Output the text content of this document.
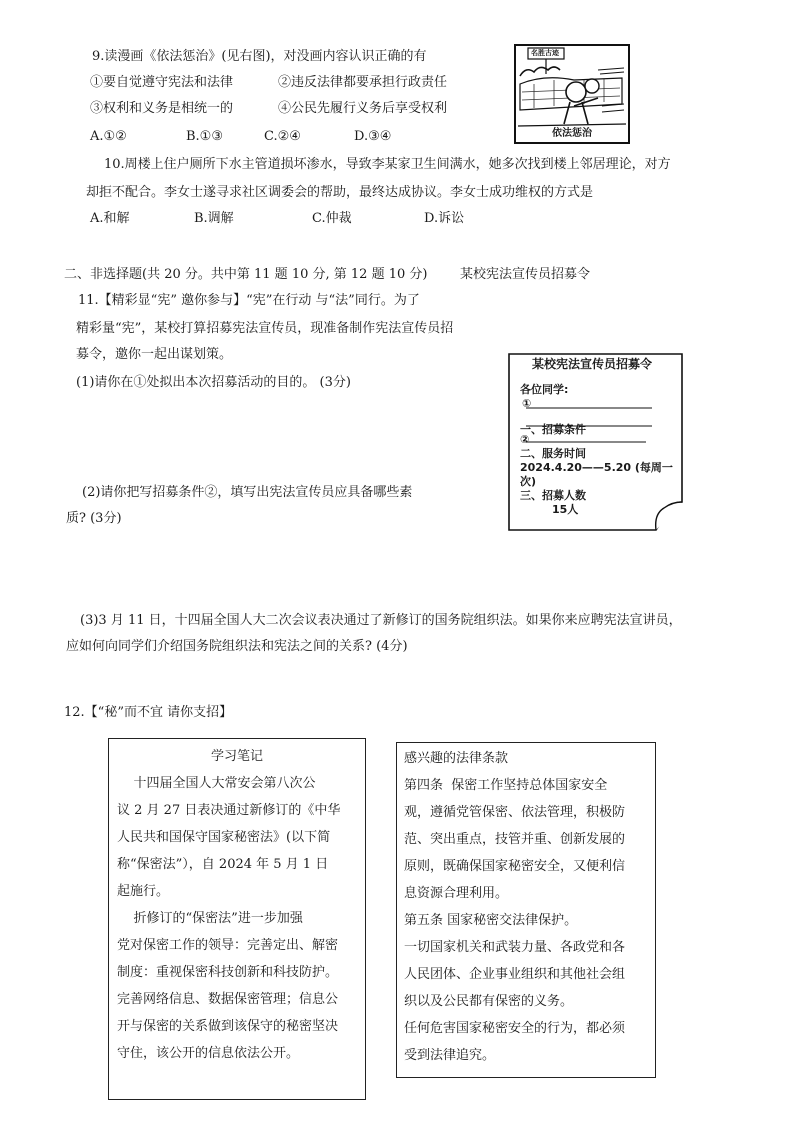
9.读漫画《依法惩治》(见右图)，对没画内容认识正确的有
①要自觉遵守宪法和法律	②违反法律都要承担行政责任
③权利和义务是相统一的	④公民先履行义务后享受权利
A.①②	B.①③	C.②④	D.③④
名胜古迹
依法惩治
10.周楼上住户厕所下水主管道损坏渗水，导致李某家卫生间满水，她多次找到楼上邻居理论，对方
却拒不配合。李女士遂寻求社区调委会的帮助，最终达成协议。李女士成功维权的方式是
A.和解	B.调解	C.仲裁	D.诉讼
二、非选择题(共 20 分。共中第 11 题 10 分, 第 12 题 10 分)	某校宪法宣传员招募令
11.【精彩显“宪” 邀你参与】“宪”在行动 与“法”同行。为了
精彩量“宪”，某校打算招募宪法宣传员，现准备制作宪法宣传员招
募令，邀你一起出谋划策。
(1)请你在①处拟出本次招募活动的目的。 (3分)
(2)请你把写招募条件②，填写出宪法宣传员应具备哪些素
质? (3分)
(3)3 月 11 日，十四届全国人大二次会议表决通过了新修订的国务院组织法。如果你来应聘宪法宣讲员，
应如何向同学们介绍国务院组织法和宪法之间的关系? (4分)
某校宪法宣传员招募令
各位同学:
①
一、招募条件
②
二、服务时间
2024.4.20——5.20 (每周一
次)
三、招募人数
15人
12.【“秘”而不宜 请你支招】

学习笔记

十四届全国人大常安会第八次公

议 2 月 27 日表决通过新修订的《中华

人民共和国保守国家秘密法》(以下简

称“保密法”），自 2024 年 5 月 1 日

起施行。

折修订的“保密法”进一步加强

党对保密工作的领导：完善定出、解密

制度：重视保密科技创新和科技防护。

完善网络信息、数据保密管理；信息公

开与保密的关系做到该保守的秘密坚决

守住，该公开的信息依法公开。

感兴趣的法律条款

第四条  保密工作坚持总体国家安全

观，遵循党管保密、依法管理，积极防

范、突出重点，技管并重、创新发展的

原则，既确保国家秘密安全，又便利信

息资源合理利用。

第五条 国家秘密交法律保护。

一切国家机关和武装力量、各政党和各

人民团体、企业事业组织和其他社会组

织以及公民都有保密的义务。

任何危害国家秘密安全的行为，都必须

受到法律追究。
